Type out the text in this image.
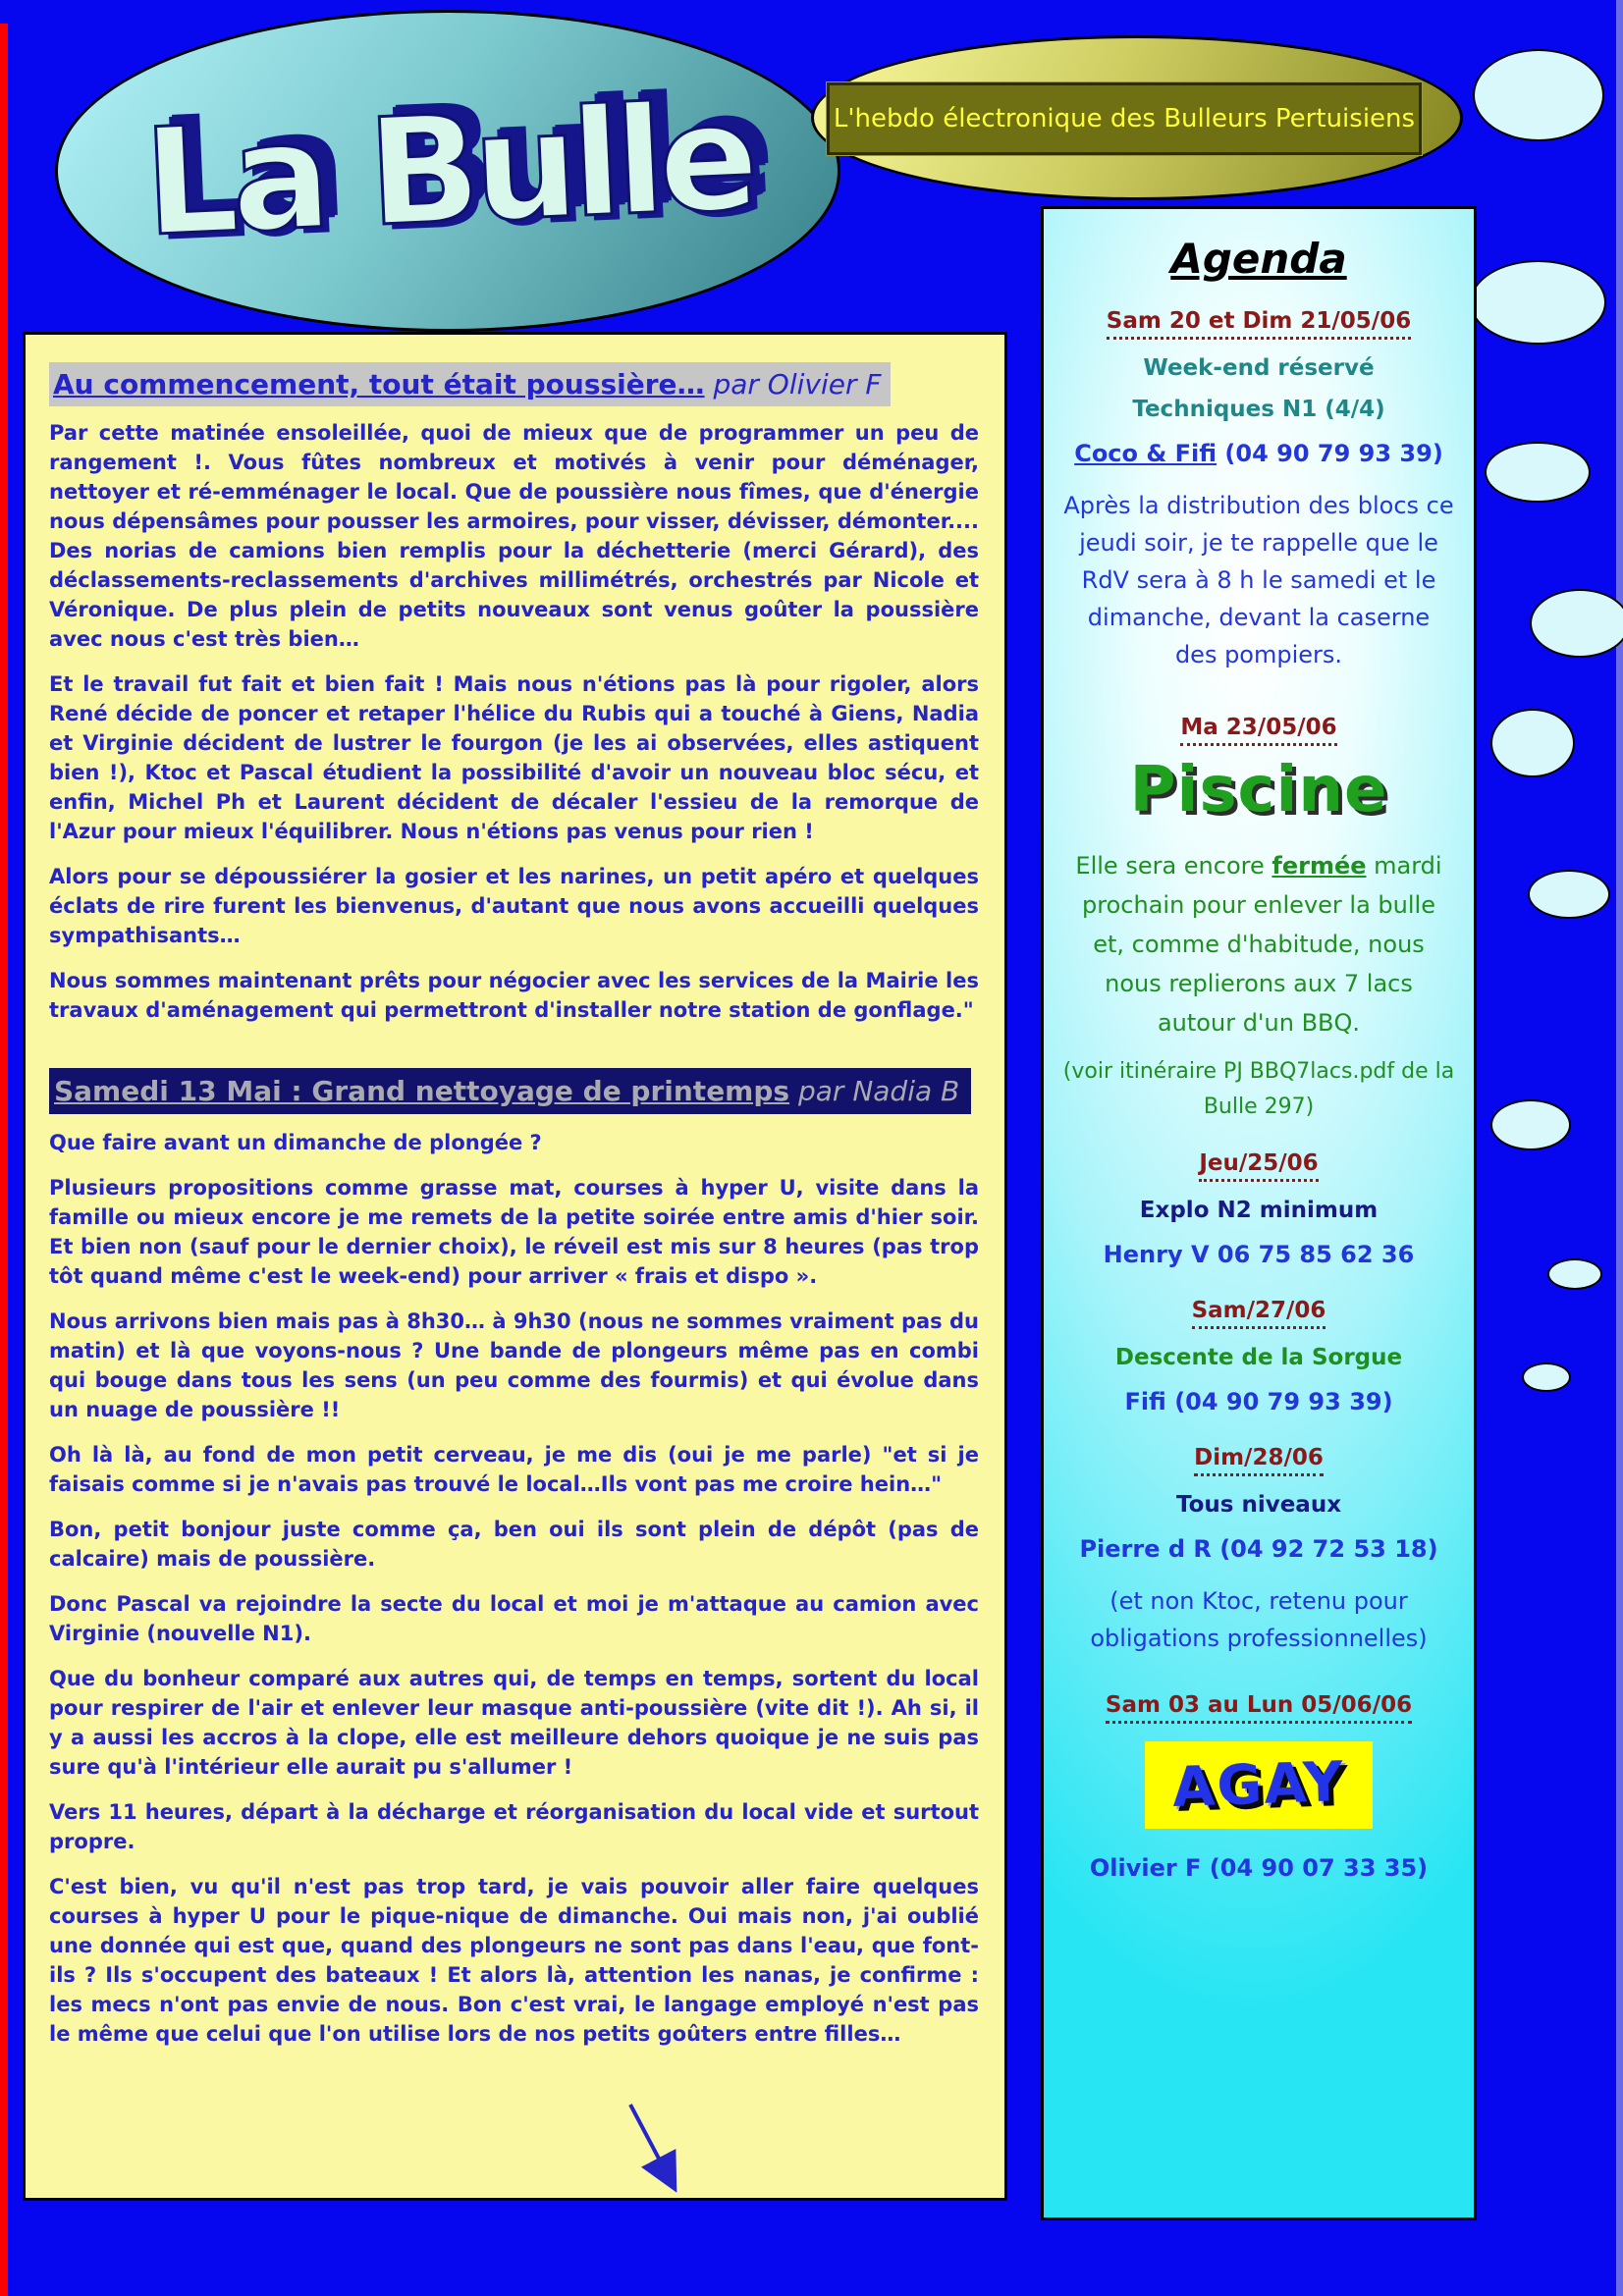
La Bulle	L'hebdo électronique des Bulleurs Pertuisiens
Au commencement, tout était poussière… par Olivier F

Par cette matinée ensoleillée, quoi de mieux que de programmer un peu de rangement !. Vous fûtes nombreux et motivés à venir pour déménager, nettoyer et ré-emménager le local. Que de poussière nous fîmes, que d'énergie nous dépensâmes pour pousser les armoires, pour visser, dévisser, démonter.... Des norias de camions bien remplis pour la déchetterie (merci Gérard), des déclassements-reclassements d'archives millimétrés, orchestrés par Nicole et Véronique. De plus plein de petits nouveaux sont venus goûter la poussière avec nous c'est très bien…

Et le travail fut fait et bien fait ! Mais nous n'étions pas là pour rigoler, alors René décide de poncer et retaper l'hélice du Rubis qui a touché à Giens, Nadia et Virginie décident de lustrer le fourgon (je les ai observées, elles astiquent bien !), Ktoc et Pascal étudient la possibilité d'avoir un nouveau bloc sécu, et enfin, Michel Ph et Laurent décident de décaler l'essieu de la remorque de l'Azur pour mieux l'équilibrer. Nous n'étions pas venus pour rien !

Alors pour se dépoussiérer la gosier et les narines, un petit apéro et quelques éclats de rire furent les bienvenus, d'autant que nous avons accueilli quelques sympathisants…

Nous sommes maintenant prêts pour négocier avec les services de la Mairie les travaux d'aménagement qui permettront d'installer notre station de gonflage."

Samedi 13 Mai : Grand nettoyage de printemps par Nadia B

Que faire avant un dimanche de plongée ?

Plusieurs propositions comme grasse mat, courses à hyper U, visite dans la famille ou mieux encore je me remets de la petite soirée entre amis d'hier soir. Et bien non (sauf pour le dernier choix), le réveil est mis sur 8 heures (pas trop tôt quand même c'est le week-end) pour arriver « frais et dispo ».

Nous arrivons bien mais pas à 8h30… à 9h30 (nous ne sommes vraiment pas du matin) et là que voyons-nous ? Une bande de plongeurs même pas en combi qui bouge dans tous les sens (un peu comme des fourmis) et qui évolue dans un nuage de poussière !!

Oh là là, au fond de mon petit cerveau, je me dis (oui je me parle) "et si je faisais comme si je n'avais pas trouvé le local…Ils vont pas me croire hein…"

Bon, petit bonjour juste comme ça, ben oui ils sont plein de dépôt (pas de calcaire) mais de poussière.

Donc Pascal va rejoindre la secte du local et moi je m'attaque au camion avec Virginie (nouvelle N1).

Que du bonheur comparé aux autres qui, de temps en temps, sortent du local pour respirer de l'air et enlever leur masque anti-poussière (vite dit !). Ah si, il y a aussi les accros à la clope, elle est meilleure dehors quoique je ne suis pas sure qu'à l'intérieur elle aurait pu s'allumer !

Vers 11 heures, départ à la décharge et réorganisation du local vide et surtout propre.

C'est bien, vu qu'il n'est pas trop tard, je vais pouvoir aller faire quelques courses à hyper U pour le pique-nique de dimanche. Oui mais non, j'ai oublié une donnée qui est que, quand des plongeurs ne sont pas dans l'eau, que font-ils ? Ils s'occupent des bateaux ! Et alors là, attention les nanas, je confirme : les mecs n'ont pas envie de nous. Bon c'est vrai, le langage employé n'est pas le même que celui que l'on utilise lors de nos petits goûters entre filles…

Agenda
Sam 20 et Dim 21/05/06
Week-end réservé
Techniques N1 (4/4)
Coco & Fifi (04 90 79 93 39)
Après la distribution des blocs ce jeudi soir, je te rappelle que le RdV sera à 8 h le samedi et le dimanche, devant la caserne des pompiers.
Ma 23/05/06
Piscine
Elle sera encore fermée mardi prochain pour enlever la bulle et, comme d'habitude, nous nous replierons aux 7 lacs autour d'un BBQ.
(voir itinéraire PJ BBQ7lacs.pdf de la Bulle 297)
Jeu/25/06
Explo N2 minimum
Henry V 06 75 85 62 36
Sam/27/06
Descente de la Sorgue
Fifi (04 90 79 93 39)
Dim/28/06
Tous niveaux
Pierre d R (04 92 72 53 18)
(et non Ktoc, retenu pour obligations professionnelles)
Sam 03 au Lun 05/06/06
AGAY
Olivier F (04 90 07 33 35)
